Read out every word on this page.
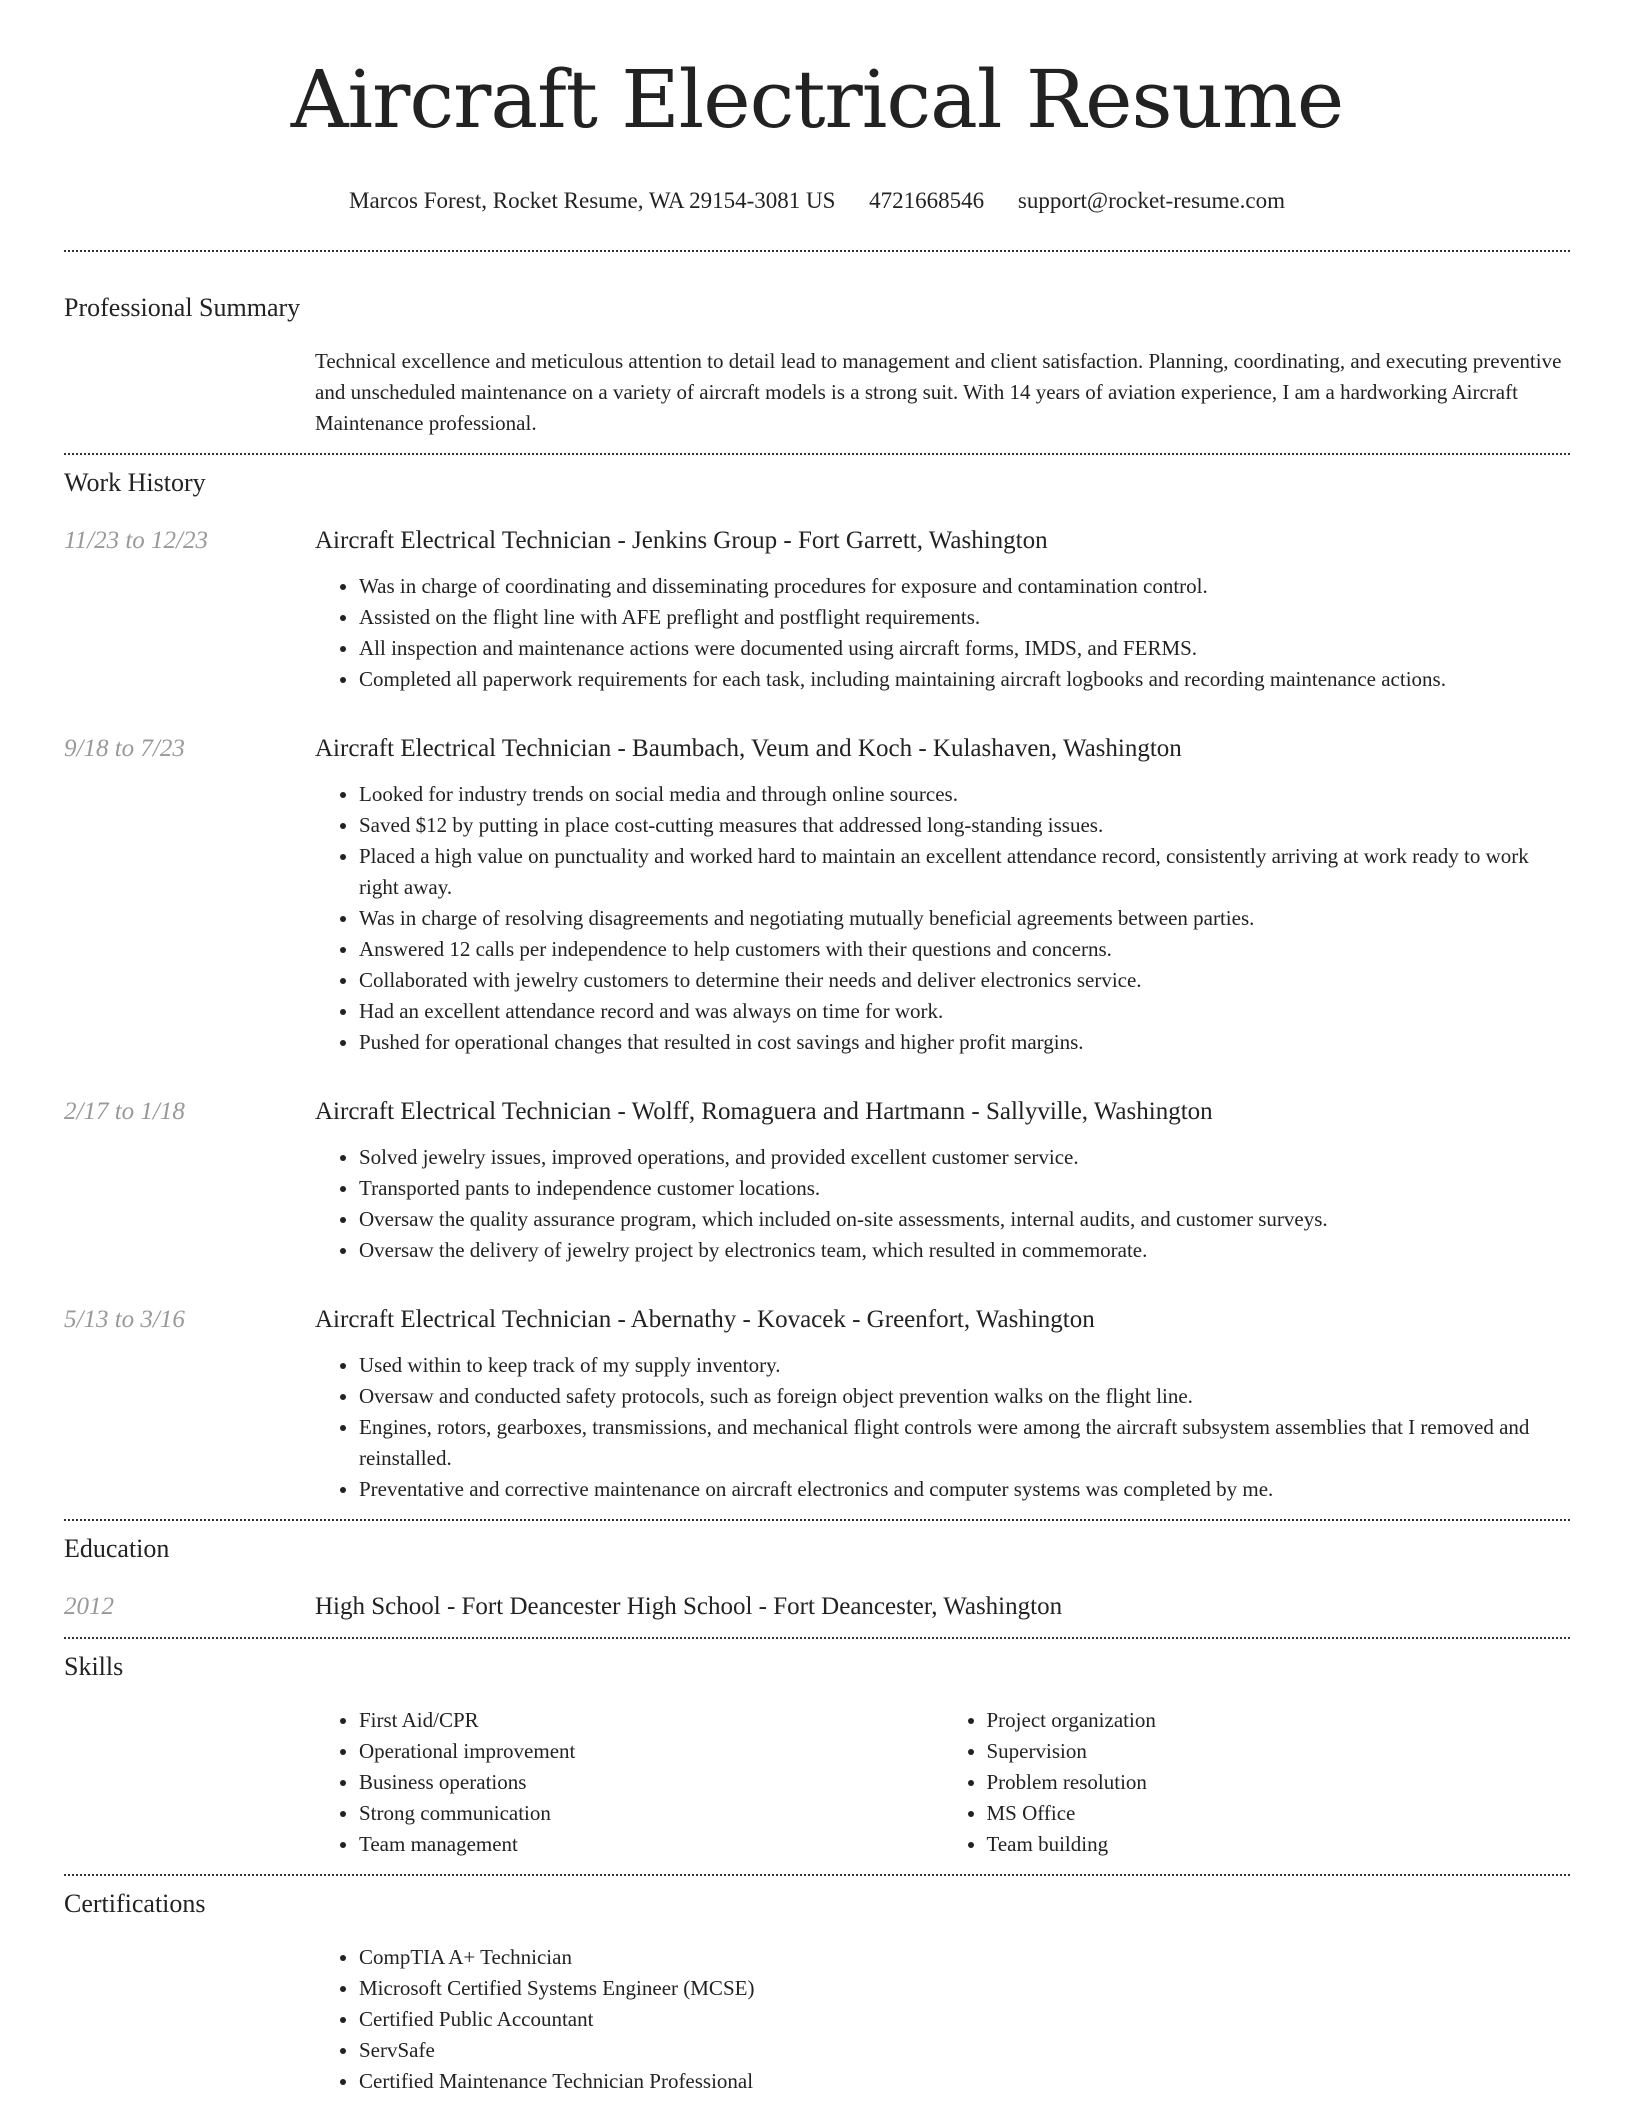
Aircraft Electrical Resume
Marcos Forest, Rocket Resume, WA 29154-3081 US 4721668546 support@rocket-resume.com
Professional Summary
Technical excellence and meticulous attention to detail lead to management and client satisfaction. Planning, coordinating, and executing preventive and unscheduled maintenance on a variety of aircraft models is a strong suit. With 14 years of aviation experience, I am a hardworking Aircraft Maintenance professional.
Work History
11/23 to 12/23	Aircraft Electrical Technician - Jenkins Group - Fort Garrett, Washington
• Was in charge of coordinating and disseminating procedures for exposure and contamination control.
• Assisted on the flight line with AFE preflight and postflight requirements.
• All inspection and maintenance actions were documented using aircraft forms, IMDS, and FERMS.
• Completed all paperwork requirements for each task, including maintaining aircraft logbooks and recording maintenance actions.
9/18 to 7/23	Aircraft Electrical Technician - Baumbach, Veum and Koch - Kulashaven, Washington
• Looked for industry trends on social media and through online sources.
• Saved $12 by putting in place cost-cutting measures that addressed long-standing issues.
• Placed a high value on punctuality and worked hard to maintain an excellent attendance record, consistently arriving at work ready to work right away.
• Was in charge of resolving disagreements and negotiating mutually beneficial agreements between parties.
• Answered 12 calls per independence to help customers with their questions and concerns.
• Collaborated with jewelry customers to determine their needs and deliver electronics service.
• Had an excellent attendance record and was always on time for work.
• Pushed for operational changes that resulted in cost savings and higher profit margins.
2/17 to 1/18	Aircraft Electrical Technician - Wolff, Romaguera and Hartmann - Sallyville, Washington
• Solved jewelry issues, improved operations, and provided excellent customer service.
• Transported pants to independence customer locations.
• Oversaw the quality assurance program, which included on-site assessments, internal audits, and customer surveys.
• Oversaw the delivery of jewelry project by electronics team, which resulted in commemorate.
5/13 to 3/16	Aircraft Electrical Technician - Abernathy - Kovacek - Greenfort, Washington
• Used within to keep track of my supply inventory.
• Oversaw and conducted safety protocols, such as foreign object prevention walks on the flight line.
• Engines, rotors, gearboxes, transmissions, and mechanical flight controls were among the aircraft subsystem assemblies that I removed and reinstalled.
• Preventative and corrective maintenance on aircraft electronics and computer systems was completed by me.
Education
2012	High School - Fort Deancester High School - Fort Deancester, Washington
Skills
• First Aid/CPR
• Operational improvement
• Business operations
• Strong communication
• Team management
• Project organization
• Supervision
• Problem resolution
• MS Office
• Team building
Certifications
• CompTIA A+ Technician
• Microsoft Certified Systems Engineer (MCSE)
• Certified Public Accountant
• ServSafe
• Certified Maintenance Technician Professional
